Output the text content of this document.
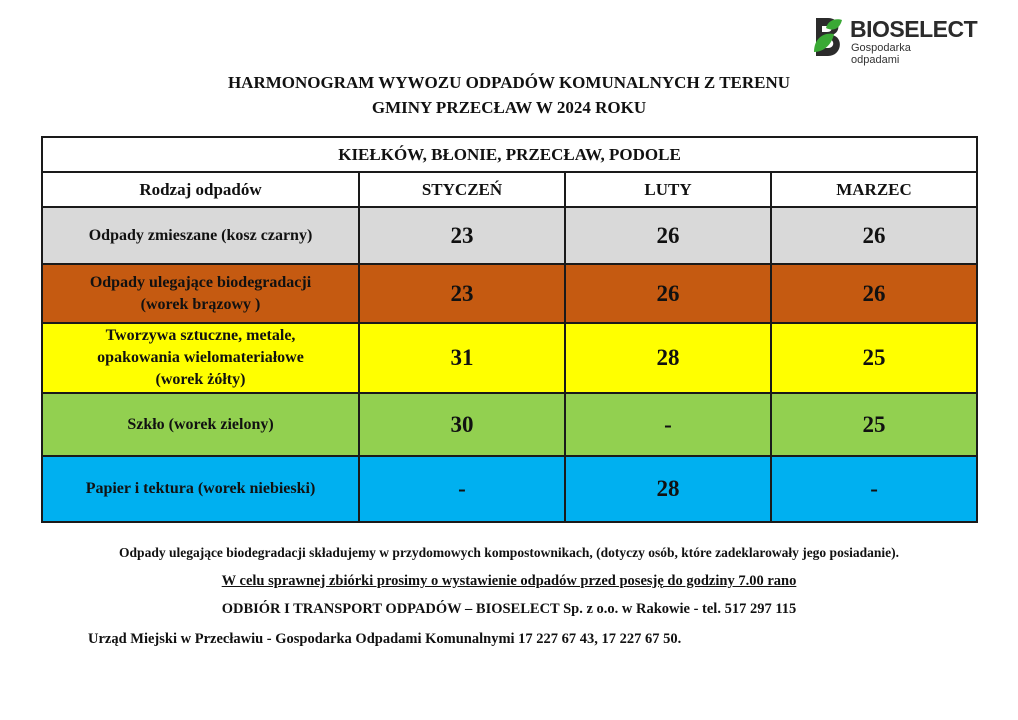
BIOSELECT
Gospodarka odpadami
HARMONOGRAM WYWOZU ODPADÓW KOMUNALNYCH Z TERENU
GMINY PRZECŁAW W 2024 ROKU
KIEŁKÓW, BŁONIE, PRZECŁAW, PODOLE			
Rodzaj odpadów	STYCZEŃ	LUTY	MARZEC
Odpady zmieszane (kosz czarny)	23	26	26
Odpady ulegające biodegradacji (worek brązowy )	23	26	26
Tworzywa sztuczne, metale, opakowania wielomateriałowe (worek żółty)	31	28	25
Szkło (worek zielony)	30	-	25
Papier i tektura (worek niebieski)	-	28	-
Odpady ulegające biodegradacji składujemy w przydomowych kompostownikach, (dotyczy osób, które zadeklarowały jego posiadanie).
W celu sprawnej zbiórki prosimy o wystawienie odpadów przed posesję do godziny 7.00 rano
ODBIÓR I TRANSPORT ODPADÓW – BIOSELECT Sp. z o.o. w Rakowie - tel. 517 297 115
Urząd Miejski w Przecławiu - Gospodarka Odpadami Komunalnymi 17 227 67 43, 17 227 67 50.
